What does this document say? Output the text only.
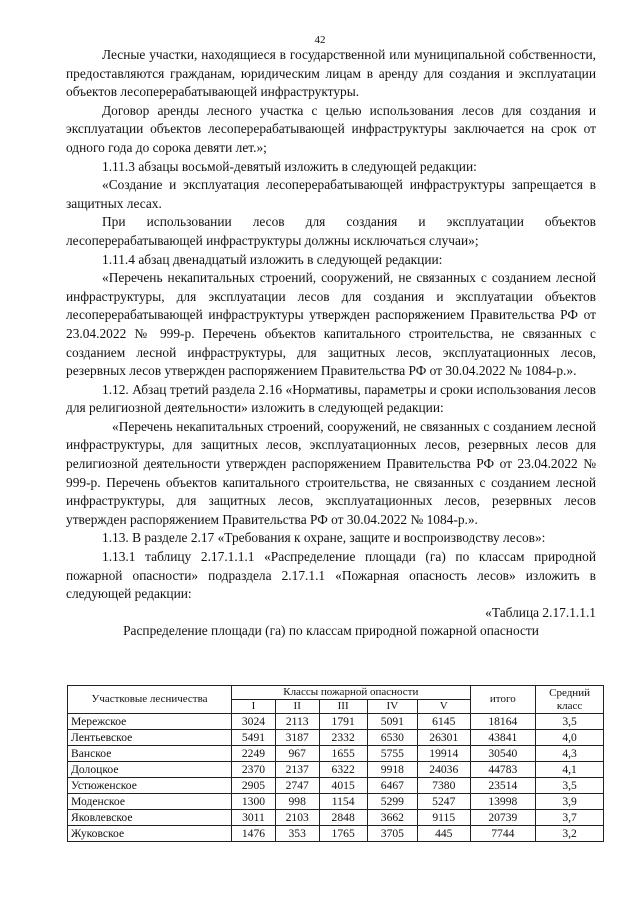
42

Лесные участки, находящиеся в государственной или муниципальной собственности, предоставляются гражданам, юридическим лицам в аренду для создания и эксплуатации объектов лесоперерабатывающей инфраструктуры.

Договор аренды лесного участка с целью использования лесов для создания и эксплуатации объектов лесоперерабатывающей инфраструктуры заключается на срок от одного года до сорока девяти лет.»;

1.11.3 абзацы восьмой-девятый изложить в следующей редакции:

«Создание и эксплуатация лесоперерабатывающей инфраструктуры запрещается в защитных лесах.

При использовании лесов для создания и эксплуатации объектов лесоперерабатывающей инфраструктуры должны исключаться случаи»;

1.11.4 абзац двенадцатый изложить в следующей редакции:

«Перечень некапитальных строений, сооружений, не связанных с созданием лесной инфраструктуры, для эксплуатации лесов для создания и эксплуатации объектов лесоперерабатывающей инфраструктуры утвержден распоряжением Правительства РФ от 23.04.2022 № 999-р. Перечень объектов капитального строительства, не связанных с созданием лесной инфраструктуры, для защитных лесов, эксплуатационных лесов, резервных лесов утвержден распоряжением Правительства РФ от 30.04.2022 № 1084-р.».

1.12. Абзац третий раздела 2.16 «Нормативы, параметры и сроки использования лесов для религиозной деятельности» изложить в следующей редакции:

«Перечень некапитальных строений, сооружений, не связанных с созданием лесной инфраструктуры, для защитных лесов, эксплуатационных лесов, резервных лесов для религиозной деятельности утвержден распоряжением Правительства РФ от 23.04.2022 № 999-р. Перечень объектов капитального строительства, не связанных с созданием лесной инфраструктуры, для защитных лесов, эксплуатационных лесов, резервных лесов утвержден распоряжением Правительства РФ от 30.04.2022 № 1084-р.».

1.13. В разделе 2.17 «Требования к охране, защите и воспроизводству лесов»:

1.13.1 таблицу 2.17.1.1.1 «Распределение площади (га) по классам природной пожарной опасности» подраздела 2.17.1.1 «Пожарная опасность лесов» изложить в следующей редакции:

«Таблица 2.17.1.1.1

Распределение площади (га) по классам природной пожарной опасности

Участковые лесничества	Классы пожарной опасности					итого	Средний класс
	I	II	III	IV	V		
Мережское	3024	2113	1791	5091	6145	18164	3,5
Лентьевское	5491	3187	2332	6530	26301	43841	4,0
Ванское	2249	967	1655	5755	19914	30540	4,3
Долоцкое	2370	2137	6322	9918	24036	44783	4,1
Устюженское	2905	2747	4015	6467	7380	23514	3,5
Моденское	1300	998	1154	5299	5247	13998	3,9
Яковлевское	3011	2103	2848	3662	9115	20739	3,7
Жуковское	1476	353	1765	3705	445	7744	3,2
